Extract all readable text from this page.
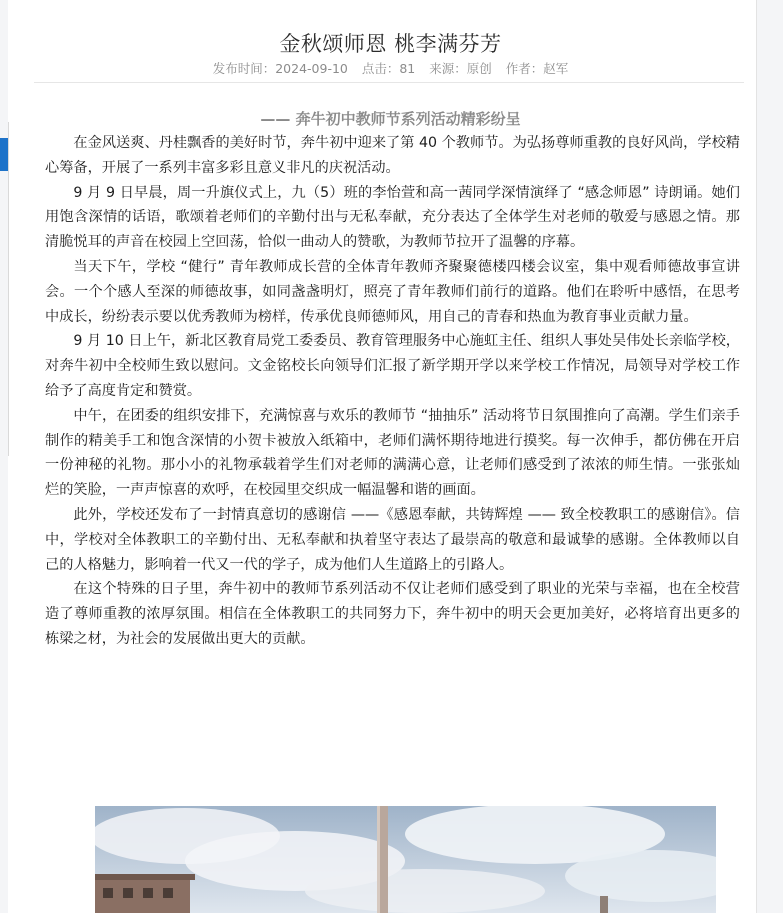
金秋颂师恩 桃李满芬芳
发布时间：2024-09-10 点击：81 来源：原创 作者：赵军
—— 奔牛初中教师节系列活动精彩纷呈

在金风送爽、丹桂飘香的美好时节，奔牛初中迎来了第 40 个教师节。为弘扬尊师重教的良好风尚，学校精心筹备，开展了一系列丰富多彩且意义非凡的庆祝活动。

9 月 9 日早晨，周一升旗仪式上，九（5）班的李怡萱和高一茜同学深情演绎了 “感念师恩” 诗朗诵。她们用饱含深情的话语，歌颂着老师们的辛勤付出与无私奉献，充分表达了全体学生对老师的敬爱与感恩之情。那清脆悦耳的声音在校园上空回荡，恰似一曲动人的赞歌，为教师节拉开了温馨的序幕。

当天下午，学校 “健行” 青年教师成长营的全体青年教师齐聚聚德楼四楼会议室，集中观看师德故事宣讲会。一个个感人至深的师德故事，如同盏盏明灯，照亮了青年教师们前行的道路。他们在聆听中感悟，在思考中成长，纷纷表示要以优秀教师为榜样，传承优良师德师风，用自己的青春和热血为教育事业贡献力量。

9 月 10 日上午，新北区教育局党工委委员、教育管理服务中心施虹主任、组织人事处吴伟处长亲临学校，对奔牛初中全校师生致以慰问。文金铭校长向领导们汇报了新学期开学以来学校工作情况，局领导对学校工作给予了高度肯定和赞赏。

中午，在团委的组织安排下，充满惊喜与欢乐的教师节 “抽抽乐” 活动将节日氛围推向了高潮。学生们亲手制作的精美手工和饱含深情的小贺卡被放入纸箱中，老师们满怀期待地进行摸奖。每一次伸手，都仿佛在开启一份神秘的礼物。那小小的礼物承载着学生们对老师的满满心意，让老师们感受到了浓浓的师生情。一张张灿烂的笑脸，一声声惊喜的欢呼，在校园里交织成一幅温馨和谐的画面。

此外，学校还发布了一封情真意切的感谢信 ——《感恩奉献，共铸辉煌 —— 致全校教职工的感谢信》。信中，学校对全体教职工的辛勤付出、无私奉献和执着坚守表达了最崇高的敬意和最诚挚的感谢。全体教师以自己的人格魅力，影响着一代又一代的学子，成为他们人生道路上的引路人。

在这个特殊的日子里，奔牛初中的教师节系列活动不仅让老师们感受到了职业的光荣与幸福，也在全校营造了尊师重教的浓厚氛围。相信在全体教职工的共同努力下，奔牛初中的明天会更加美好，必将培育出更多的栋梁之材，为社会的发展做出更大的贡献。
